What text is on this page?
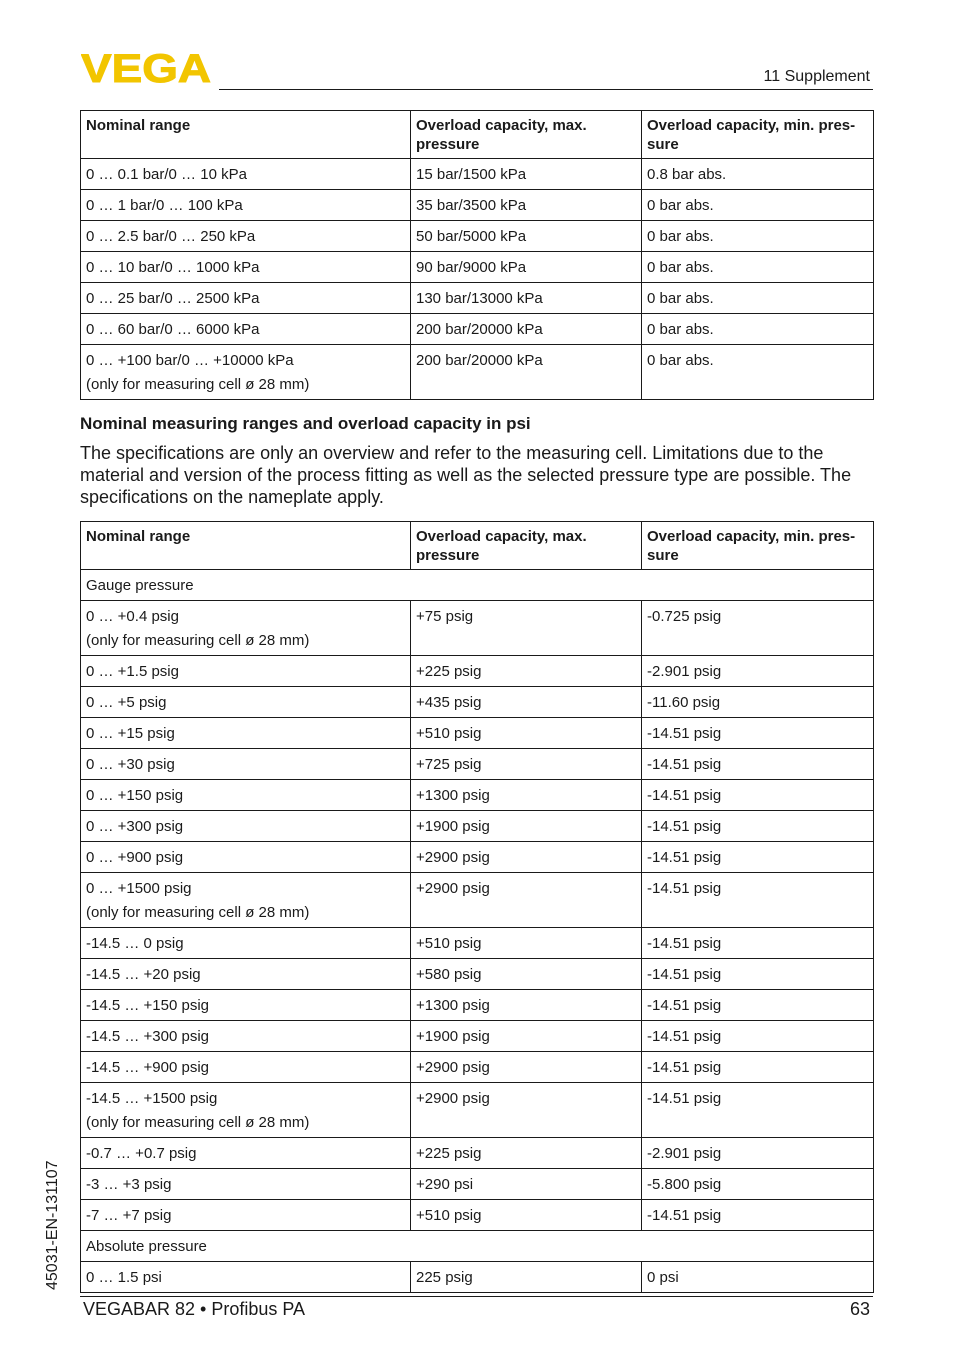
VEGA	11 Supplement
Nominal range	Overload capacity, max. pressure	Overload capacity, min. pres-sure
0 … 0.1 bar/0 … 10 kPa	15 bar/1500 kPa	0.8 bar abs.
0 … 1 bar/0 … 100 kPa	35 bar/3500 kPa	0 bar abs.
0 … 2.5 bar/0 … 250 kPa	50 bar/5000 kPa	0 bar abs.
0 … 10 bar/0 … 1000 kPa	90 bar/9000 kPa	0 bar abs.
0 … 25 bar/0 … 2500 kPa	130 bar/13000 kPa	0 bar abs.
0 … 60 bar/0 … 6000 kPa	200 bar/20000 kPa	0 bar abs.
0 … +100 bar/0 … +10000 kPa
(only for measuring cell ø 28 mm)	200 bar/20000 kPa	0 bar abs.
Nominal measuring ranges and overload capacity in psi

The specifications are only an overview and refer to the measuring cell. Limitations due to the material and version of the process fitting as well as the selected pressure type are possible. The specifications on the nameplate apply.

Nominal range	Overload capacity, max. pressure	Overload capacity, min. pres-sure
Gauge pressure		
0 … +0.4 psig
(only for measuring cell ø 28 mm)	+75 psig	-0.725 psig
0 … +1.5 psig	+225 psig	-2.901 psig
0 … +5 psig	+435 psig	-11.60 psig
0 … +15 psig	+510 psig	-14.51 psig
0 … +30 psig	+725 psig	-14.51 psig
0 … +150 psig	+1300 psig	-14.51 psig
0 … +300 psig	+1900 psig	-14.51 psig
0 … +900 psig	+2900 psig	-14.51 psig
0 … +1500 psig
(only for measuring cell ø 28 mm)	+2900 psig	-14.51 psig
-14.5 … 0 psig	+510 psig	-14.51 psig
-14.5 … +20 psig	+580 psig	-14.51 psig
-14.5 … +150 psig	+1300 psig	-14.51 psig
-14.5 … +300 psig	+1900 psig	-14.51 psig
-14.5 … +900 psig	+2900 psig	-14.51 psig
-14.5 … +1500 psig
(only for measuring cell ø 28 mm)	+2900 psig	-14.51 psig
-0.7 … +0.7 psig	+225 psig	-2.901 psig
-3 … +3 psig	+290 psi	-5.800 psig
-7 … +7 psig	+510 psig	-14.51 psig
Absolute pressure		
0 … 1.5 psi	225 psig	0 psi
45031-EN-131107
VEGABAR 82 • Profibus PA	63
